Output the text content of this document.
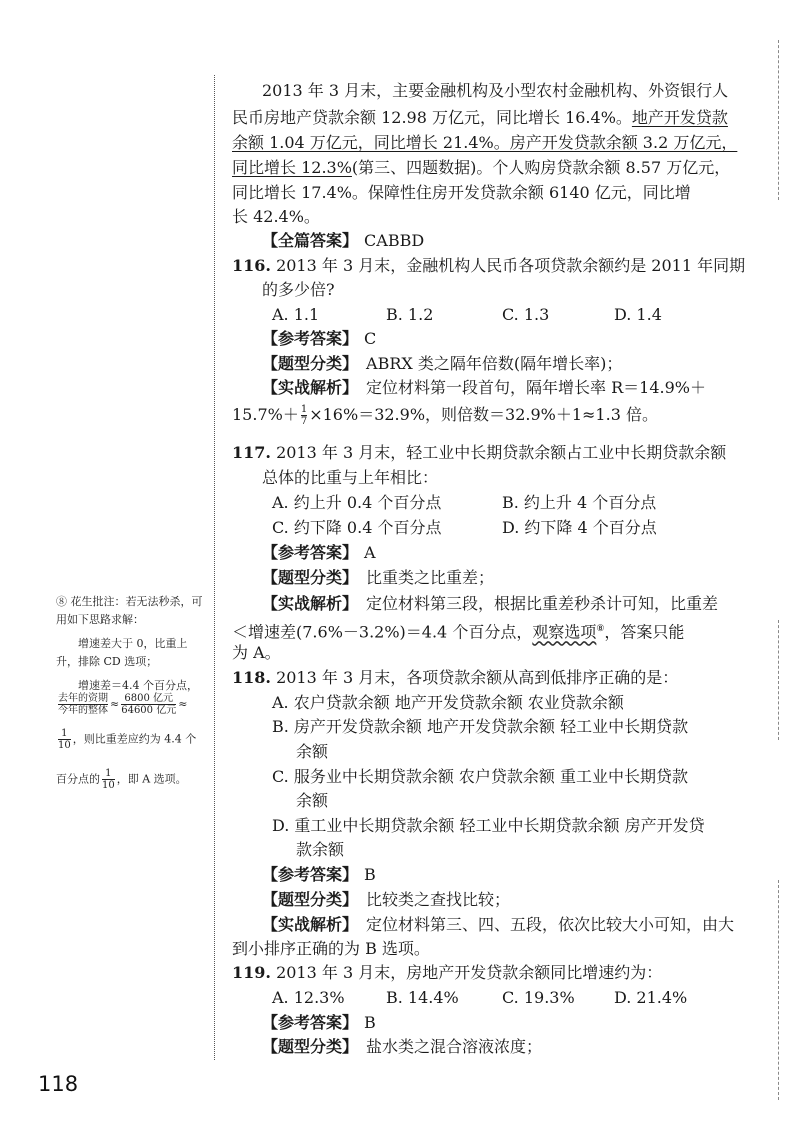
2013 年 3 月末，主要金融机构及小型农村金融机构、外资银行人
民币房地产贷款余额 12.98 万亿元，同比增长 16.4%。地产开发贷款
余额 1.04 万亿元，同比增长 21.4%。房产开发贷款余额 3.2 万亿元，
同比增长 12.3%(第三、四题数据)。个人购房贷款余额 8.57 万亿元，
同比增长 17.4%。保障性住房开发贷款余额 6140 亿元，同比增
长 42.4%。
【全篇答案】 CABBD
116. 2013 年 3 月末，金融机构人民币各项贷款余额约是 2011 年同期
的多少倍?
A. 1.1	B. 1.2	C. 1.3	D. 1.4
【参考答案】 C
【题型分类】 ABRX 类之隔年倍数(隔年增长率)；
【实战解析】 定位材料第一段首句，隔年增长率 R＝14.9%＋
$15.7\%+ \frac{1}{7} \times 16\%=32.9\%$，则倍数＝32.9%＋1≈1.3 倍。
117. 2013 年 3 月末，轻工业中长期贷款余额占工业中长期贷款余额
总体的比重与上年相比：
A. 约上升 0.4 个百分点	B. 约上升 4 个百分点
C. 约下降 0.4 个百分点	D. 约下降 4 个百分点
【参考答案】 A
【题型分类】 比重类之比重差；
【实战解析】 定位材料第三段，根据比重差秒杀计可知，比重差
＜增速差(7.6%－3.2%)＝4.4 个百分点，观察选项⑧，答案只能
为 A。
⑧ 花生批注：若无法秒杀，可
用如下思路求解：
增速差大于 0，比重上
升，排除 CD 选项；
增速差＝4.4 个百分点，
$\frac{\text{去年的资期}}{\text{今年的整体}} \approx \frac{\text{6800 亿元}}{\text{64600 亿元}}$ ≈
$\frac{1}{10}$ ，则比重差应约为 4.4 个
百分点的 $\frac{1}{10}$ ，即 A 选项。
118. 2013 年 3 月末，各项贷款余额从高到低排序正确的是：
A. 农户贷款余额 地产开发贷款余额 农业贷款余额
B. 房产开发贷款余额 地产开发贷款余额 轻工业中长期贷款
余额
C. 服务业中长期贷款余额 农户贷款余额 重工业中长期贷款
余额
D. 重工业中长期贷款余额 轻工业中长期贷款余额 房产开发贷
款余额
【参考答案】 B
【题型分类】 比较类之查找比较；
【实战解析】 定位材料第三、四、五段，依次比较大小可知，由大
到小排序正确的为 B 选项。
119. 2013 年 3 月末，房地产开发贷款余额同比增速约为：
A. 12.3%	B. 14.4%	C. 19.3% D. 21.4%
【参考答案】 B
【题型分类】 盐水类之混合溶液浓度；
118
